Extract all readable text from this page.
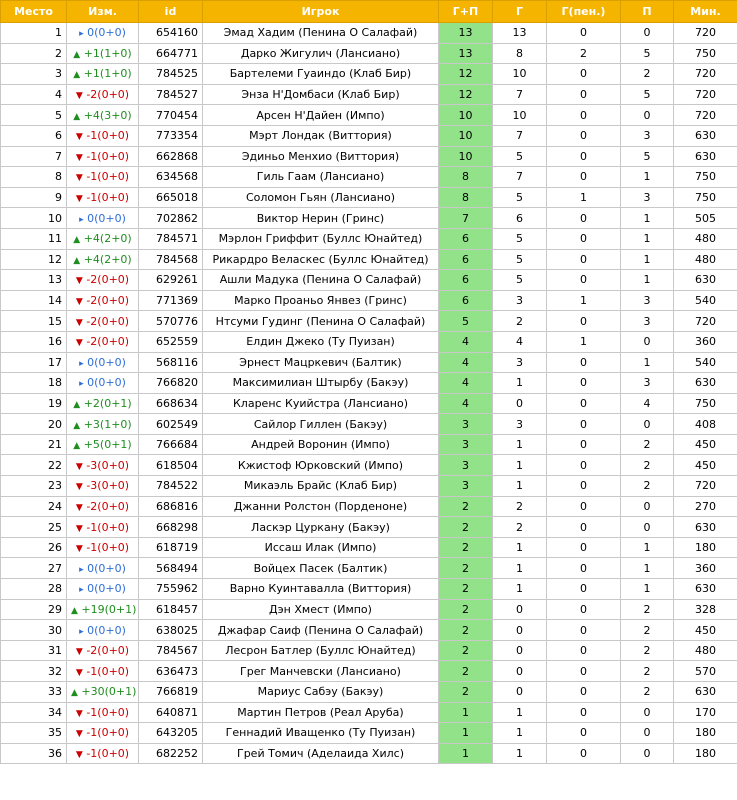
Место	Изм.	id	Игрок	Г+П	Г	Г(пен.)	П	Мин.
1	▸ 0(0+0)	654160	Эмад Хадим (Пенина О Салафай)	13	13	0	0	720
2	▲ +1(1+0)	664771	Дарко Жигулич (Лансиано)	13	8	2	5	750
3	▲ +1(1+0)	784525	Бартелеми Гуаиндо (Клаб Бир)	12	10	0	2	720
4	▼ -2(0+0)	784527	Энза Н'Домбаси (Клаб Бир)	12	7	0	5	720
5	▲ +4(3+0)	770454	Арсен Н'Дайен (Импо)	10	10	0	0	720
6	▼ -1(0+0)	773354	Мэрт Лондак (Виттория)	10	7	0	3	630
7	▼ -1(0+0)	662868	Эдиньо Менхио (Виттория)	10	5	0	5	630
8	▼ -1(0+0)	634568	Гиль Гаам (Лансиано)	8	7	0	1	750
9	▼ -1(0+0)	665018	Соломон Гьян (Лансиано)	8	5	1	3	750
10	▸ 0(0+0)	702862	Виктор Нерин (Гринс)	7	6	0	1	505
11	▲ +4(2+0)	784571	Мэрлон Гриффит (Буллс Юнайтед)	6	5	0	1	480
12	▲ +4(2+0)	784568	Рикардро Веласкес (Буллс Юнайтед)	6	5	0	1	480
13	▼ -2(0+0)	629261	Ашли Мадука (Пенина О Салафай)	6	5	0	1	630
14	▼ -2(0+0)	771369	Марко Проаньо Янвез (Гринс)	6	3	1	3	540
15	▼ -2(0+0)	570776	Нтсуми Гудинг (Пенина О Салафай)	5	2	0	3	720
16	▼ -2(0+0)	652559	Елдин Джеко (Ту Пуизан)	4	4	1	0	360
17	▸ 0(0+0)	568116	Эрнест Мацркевич (Балтик)	4	3	0	1	540
18	▸ 0(0+0)	766820	Максимилиан Штырбу (Бакэу)	4	1	0	3	630
19	▲ +2(0+1)	668634	Кларенс Куийстра (Лансиано)	4	0	0	4	750
20	▲ +3(1+0)	602549	Сайлор Гиллен (Бакэу)	3	3	0	0	408
21	▲ +5(0+1)	766684	Андрей Воронин (Импо)	3	1	0	2	450
22	▼ -3(0+0)	618504	Кжистоф Юрковский (Импо)	3	1	0	2	450
23	▼ -3(0+0)	784522	Микаэль Брайс (Клаб Бир)	3	1	0	2	720
24	▼ -2(0+0)	686816	Джанни Ролстон (Порденоне)	2	2	0	0	270
25	▼ -1(0+0)	668298	Ласкэр Цуркану (Бакэу)	2	2	0	0	630
26	▼ -1(0+0)	618719	Иссаш Илак (Импо)	2	1	0	1	180
27	▸ 0(0+0)	568494	Войцех Пасек (Балтик)	2	1	0	1	360
28	▸ 0(0+0)	755962	Варно Куинтавалла (Виттория)	2	1	0	1	630
29	▲ +19(0+1)	618457	Дэн Хмест (Импо)	2	0	0	2	328
30	▸ 0(0+0)	638025	Джафар Саиф (Пенина О Салафай)	2	0	0	2	450
31	▼ -2(0+0)	784567	Лесрон Батлер (Буллс Юнайтед)	2	0	0	2	480
32	▼ -1(0+0)	636473	Грег Манчевски (Лансиано)	2	0	0	2	570
33	▲ +30(0+1)	766819	Мариус Сабэу (Бакэу)	2	0	0	2	630
34	▼ -1(0+0)	640871	Мартин Петров (Реал Аруба)	1	1	0	0	170
35	▼ -1(0+0)	643205	Геннадий Иващенко (Ту Пуизан)	1	1	0	0	180
36	▼ -1(0+0)	682252	Грей Томич (Аделаида Хилс)	1	1	0	0	180
